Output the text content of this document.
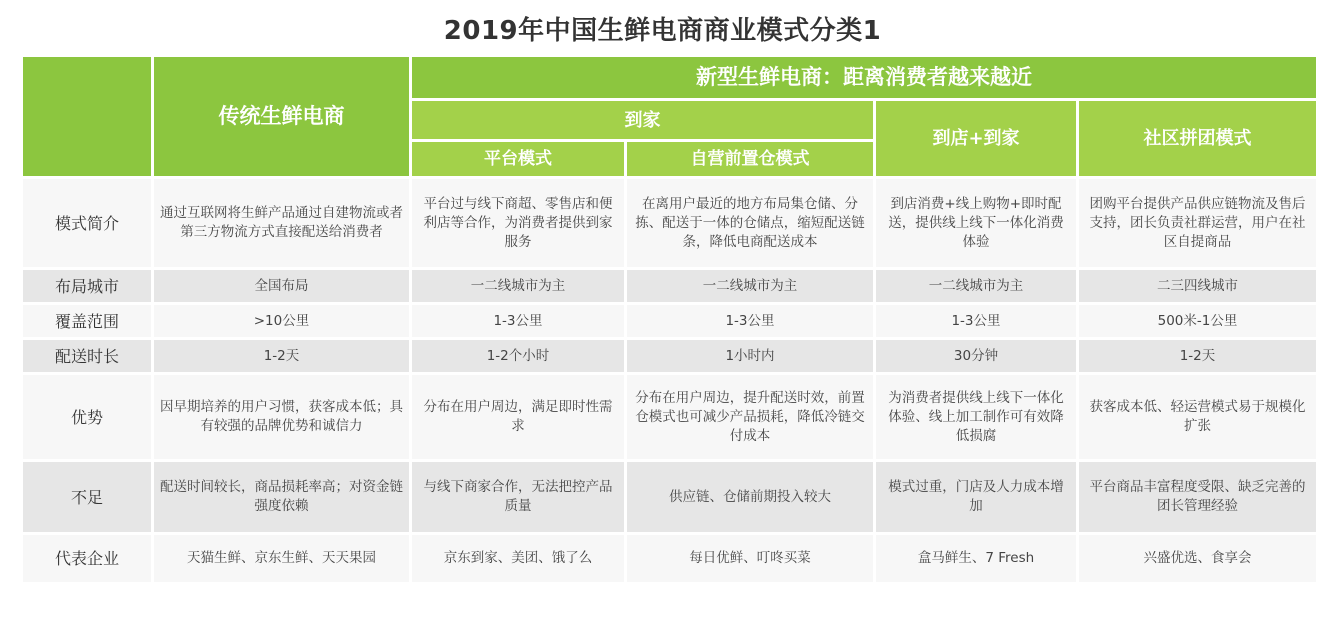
2019年中国生鲜电商商业模式分类1
	传统生鲜电商	新型生鲜电商：距离消费者越来越近			
		到家		到店+到家	社区拼团模式
		平台模式	自营前置仓模式		
模式简介	通过互联网将生鲜产品通过自建物流或者第三方物流方式直接配送给消费者	平台过与线下商超、零售店和便利店等合作，为消费者提供到家服务	在离用户最近的地方布局集仓储、分拣、配送于一体的仓储点，缩短配送链条，降低电商配送成本	到店消费+线上购物+即时配送，提供线上线下一体化消费体验	团购平台提供产品供应链物流及售后支持，团长负责社群运营，用户在社区自提商品
布局城市	全国布局	一二线城市为主	一二线城市为主	一二线城市为主	二三四线城市
覆盖范围	>10公里	1-3公里	1-3公里	1-3公里	500米-1公里
配送时长	1-2天	1-2个小时	1小时内	30分钟	1-2天
优势	因早期培养的用户习惯，获客成本低；具有较强的品牌优势和诚信力	分布在用户周边，满足即时性需求	分布在用户周边，提升配送时效，前置仓模式也可减少产品损耗，降低冷链交付成本	为消费者提供线上线下一体化体验、线上加工制作可有效降低损腐	获客成本低、轻运营模式易于规模化扩张
不足	配送时间较长，商品损耗率高；对资金链强度依赖	与线下商家合作，无法把控产品质量	供应链、仓储前期投入较大	模式过重，门店及人力成本增加	平台商品丰富程度受限、缺乏完善的团长管理经验
代表企业	天猫生鲜、京东生鲜、天天果园	京东到家、美团、饿了么	每日优鲜、叮咚买菜	盒马鲜生、7 Fresh	兴盛优选、食享会
